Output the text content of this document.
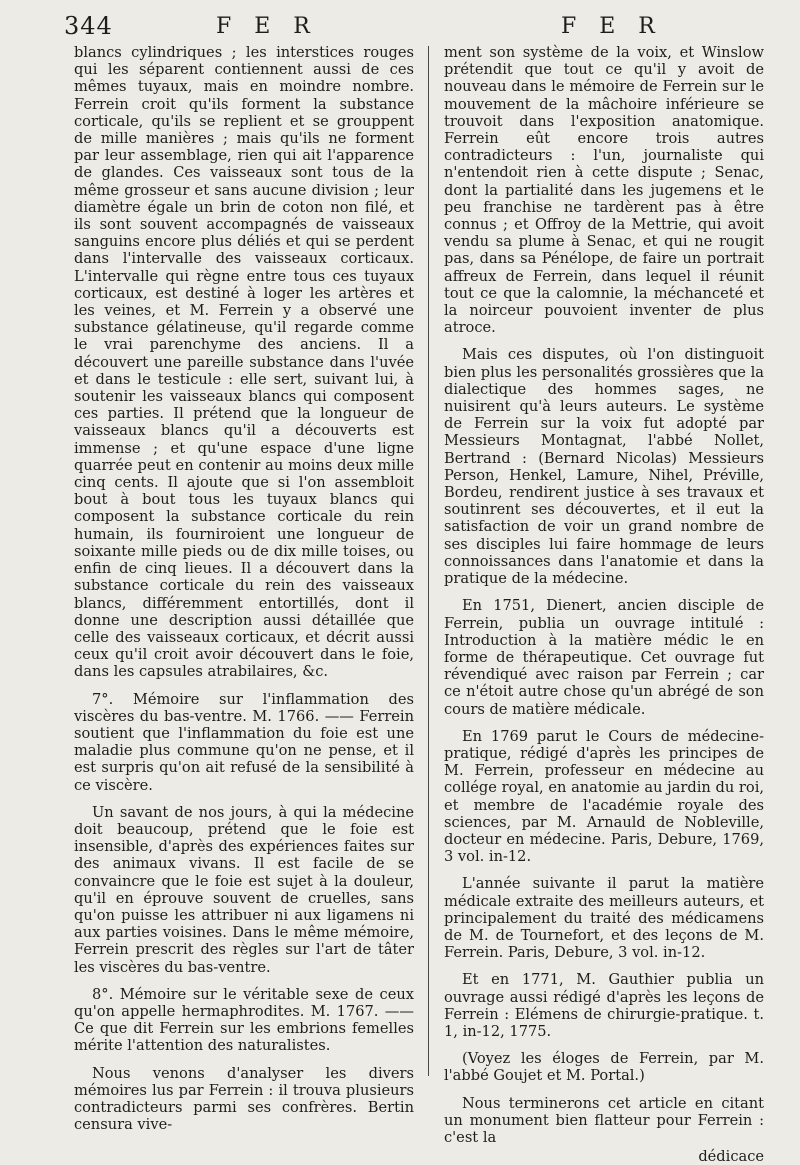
344	F E R	F E R

blancs cylindriques ; les interstices rouges qui les séparent contiennent aussi de ces mêmes tuyaux, mais en moindre nombre. Ferrein croit qu'ils forment la substance corticale, qu'ils se replient et se grouppent de mille manières ; mais qu'ils ne forment par leur assemblage, rien qui ait l'apparence de glandes. Ces vaisseaux sont tous de la même grosseur et sans aucune division ; leur diamètre égale un brin de coton non filé, et ils sont souvent accompagnés de vaisseaux sanguins encore plus déliés et qui se perdent dans l'intervalle des vaisseaux corticaux. L'intervalle qui règne entre tous ces tuyaux corticaux, est destiné à loger les artères et les veines, et M. Ferrein y a observé une substance gélatineuse, qu'il regarde comme le vrai parenchyme des anciens. Il a découvert une pareille substance dans l'uvée et dans le testicule : elle sert, suivant lui, à soutenir les vaisseaux blancs qui composent ces parties. Il prétend que la longueur de vaisseaux blancs qu'il a découverts est immense ; et qu'une espace d'une ligne quarrée peut en contenir au moins deux mille cinq cents. Il ajoute que si l'on assembloit bout à bout tous les tuyaux blancs qui composent la substance corticale du rein humain, ils fourniroient une longueur de soixante mille pieds ou de dix mille toises, ou enfin de cinq lieues. Il a découvert dans la substance corticale du rein des vaisseaux blancs, différemment entortillés, dont il donne une description aussi détaillée que celle des vaisseaux corticaux, et décrit aussi ceux qu'il croit avoir découvert dans le foie, dans les capsules atrabilaires, &c.

7°. Mémoire sur l'inflammation des viscères du bas-ventre. M. 1766. —— Ferrein soutient que l'inflammation du foie est une maladie plus commune qu'on ne pense, et il est surpris qu'on ait refusé de la sensibilité à ce viscère.

Un savant de nos jours, à qui la médecine doit beaucoup, prétend que le foie est insensible, d'après des expériences faites sur des animaux vivans. Il est facile de se convaincre que le foie est sujet à la douleur, qu'il en éprouve souvent de cruelles, sans qu'on puisse les attribuer ni aux ligamens ni aux parties voisines. Dans le même mémoire, Ferrein prescrit des règles sur l'art de tâter les viscères du bas-ventre.

8°. Mémoire sur le véritable sexe de ceux qu'on appelle hermaphrodites. M. 1767. —— Ce que dit Ferrein sur les embrions femelles mérite l'attention des naturalistes.

Nous venons d'analyser les divers mémoires lus par Ferrein : il trouva plusieurs contradicteurs parmi ses confrères. Bertin censura vive-

ment son système de la voix, et Winslow prétendit que tout ce qu'il y avoit de nouveau dans le mémoire de Ferrein sur le mouvement de la mâchoire inférieure se trouvoit dans l'exposition anatomique. Ferrein eût encore trois autres contradicteurs : l'un, journaliste qui n'entendoit rien à cette dispute ; Senac, dont la partialité dans les jugemens et le peu franchise ne tardèrent pas à être connus ; et Offroy de la Mettrie, qui avoit vendu sa plume à Senac, et qui ne rougit pas, dans sa Pénélope, de faire un portrait affreux de Ferrein, dans lequel il réunit tout ce que la calomnie, la méchanceté et la noirceur pouvoient inventer de plus atroce.

Mais ces disputes, où l'on distinguoit bien plus les personalités grossières que la dialectique des hommes sages, ne nuisirent qu'à leurs auteurs. Le système de Ferrein sur la voix fut adopté par Messieurs Montagnat, l'abbé Nollet, Bertrand : (Bernard Nicolas) Messieurs Person, Henkel, Lamure, Nihel, Préville, Bordeu, rendirent justice à ses travaux et soutinrent ses découvertes, et il eut la satisfaction de voir un grand nombre de ses disciples lui faire hommage de leurs connoissances dans l'anatomie et dans la pratique de la médecine.

En 1751, Dienert, ancien disciple de Ferrein, publia un ouvrage intitulé : Introduction à la matière médic le en forme de thérapeutique. Cet ouvrage fut révendiqué avec raison par Ferrein ; car ce n'étoit autre chose qu'un abrégé de son cours de matière médicale.

En 1769 parut le Cours de médecine-pratique, rédigé d'après les principes de M. Ferrein, professeur en médecine au collége royal, en anatomie au jardin du roi, et membre de l'académie royale des sciences, par M. Arnauld de Nobleville, docteur en médecine. Paris, Debure, 1769, 3 vol. in-12.

L'année suivante il parut la matière médicale extraite des meilleurs auteurs, et principalement du traité des médicamens de M. de Tournefort, et des leçons de M. Ferrein. Paris, Debure, 3 vol. in-12.

Et en 1771, M. Gauthier publia un ouvrage aussi rédigé d'après les leçons de Ferrein : Elémens de chirurgie-pratique. t. 1, in-12, 1775.

(Voyez les éloges de Ferrein, par M. l'abbé Goujet et M. Portal.)

Nous terminerons cet article en citant un monument bien flatteur pour Ferrein : c'est la

dédicace
